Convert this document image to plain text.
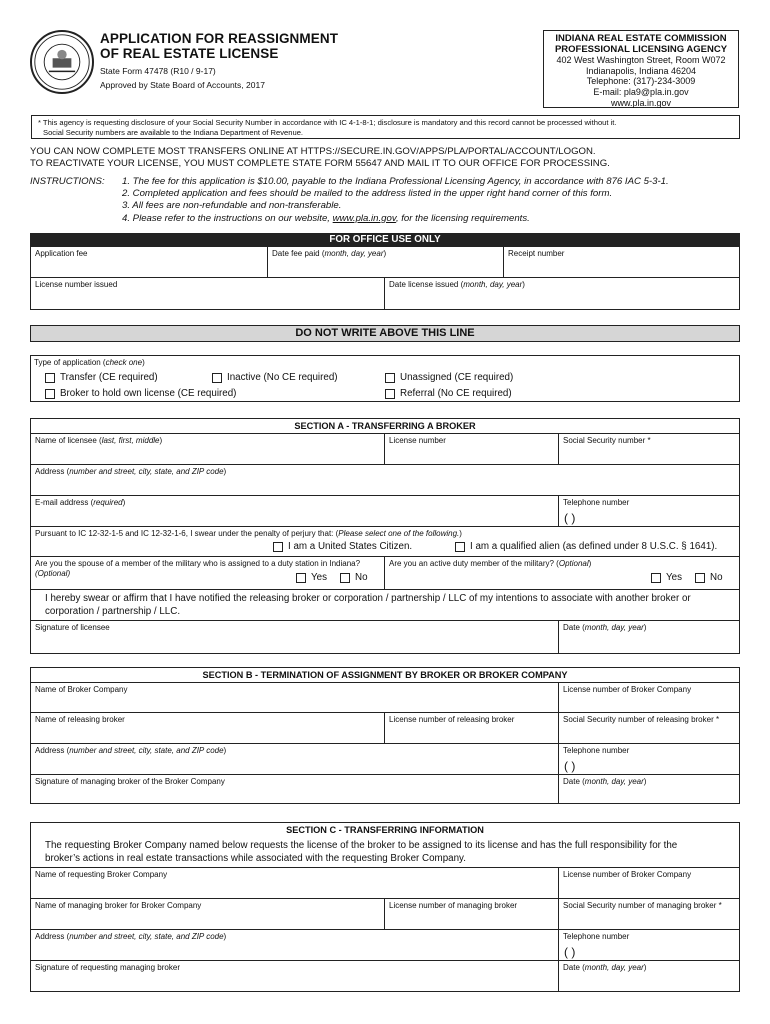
APPLICATION FOR REASSIGNMENT
OF REAL ESTATE LICENSE
State Form 47478 (R10 / 9-17)
Approved by State Board of Accounts, 2017
INDIANA REAL ESTATE COMMISSION
PROFESSIONAL LICENSING AGENCY
402 West Washington Street, Room W072
Indianapolis, Indiana 46204
Telephone: (317)-234-3009
E-mail: pla9@pla.in.gov
www.pla.in.gov
* This agency is requesting disclosure of your Social Security Number in accordance with IC 4-1-8-1; disclosure is mandatory and this record cannot be processed without it.
Social Security numbers are available to the Indiana Department of Revenue.
YOU CAN NOW COMPLETE MOST TRANSFERS ONLINE AT HTTPS://SECURE.IN.GOV/APPS/PLA/PORTAL/ACCOUNT/LOGON.
TO REACTIVATE YOUR LICENSE, YOU MUST COMPLETE STATE FORM 55647 AND MAIL IT TO OUR OFFICE FOR PROCESSING.
INSTRUCTIONS: 1. The fee for this application is $10.00, payable to the Indiana Professional Licensing Agency, in accordance with 876 IAC 5-3-1.
2. Completed application and fees should be mailed to the address listed in the upper right hand corner of this form.
3. All fees are non-refundable and non-transferable.
4. Please refer to the instructions on our website, www.pla.in.gov, for the licensing requirements.
FOR OFFICE USE ONLY
Application fee	Date fee paid (month, day, year)	Receipt number
License number issued	Date license issued (month, day, year)
DO NOT WRITE ABOVE THIS LINE
Type of application (check one)
Transfer (CE required)	Inactive (No CE required)	Unassigned (CE required)
Broker to hold own license (CE required)	Referral (No CE required)
SECTION A - TRANSFERRING A BROKER
Name of licensee (last, first, middle)	License number	Social Security number *
Address (number and street, city, state, and ZIP code)
E-mail address (required)	Telephone number
( )
Pursuant to IC 12-32-1-5 and IC 12-32-1-6, I swear under the penalty of perjury that: (Please select one of the following.)
I am a United States Citizen.	I am a qualified alien (as defined under 8 U.S.C. § 1641).
Are you the spouse of a member of the military who is assigned to a duty station in Indiana?
(Optional)	Yes	No
Are you an active duty member of the military? (Optional)
Yes	No
I hereby swear or affirm that I have notified the releasing broker or corporation / partnership / LLC of my intentions to associate with another broker or
corporation / partnership / LLC.
Signature of licensee	Date (month, day, year)
SECTION B - TERMINATION OF ASSIGNMENT BY BROKER OR BROKER COMPANY
Name of Broker Company	License number of Broker Company
Name of releasing broker	License number of releasing broker	Social Security number of releasing broker *
Address (number and street, city, state, and ZIP code)	Telephone number
( )
Signature of managing broker of the Broker Company	Date (month, day, year)
SECTION C - TRANSFERRING INFORMATION
The requesting Broker Company named below requests the license of the broker to be assigned to its license and has the full responsibility for the
broker’s actions in real estate transactions while associated with the requesting Broker Company.
Name of requesting Broker Company	License number of Broker Company
Name of managing broker for Broker Company	License number of managing broker	Social Security number of managing broker *
Address (number and street, city, state, and ZIP code)	Telephone number
( )
Signature of requesting managing broker	Date (month, day, year)
